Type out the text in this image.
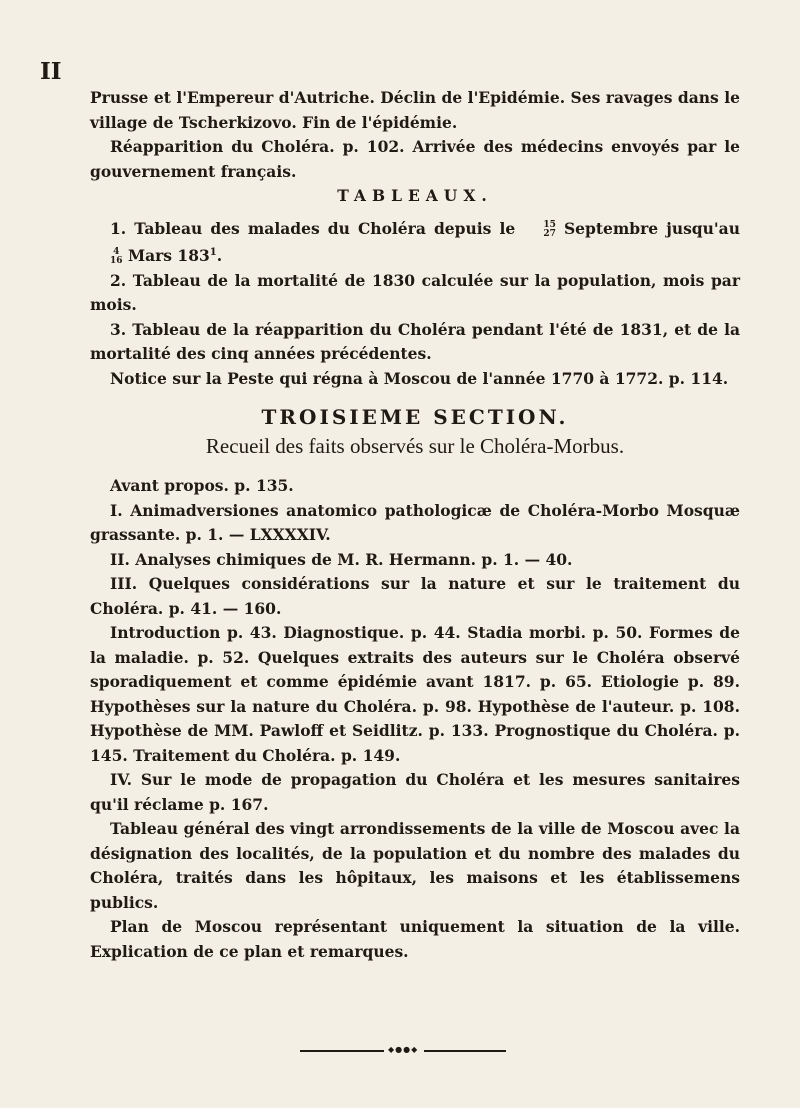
II

Prusse et l'Empereur d'Autriche. Déclin de l'Epidémie. Ses ravages dans le village de Tscherkizovo. Fin de l'épidémie.

Réapparition du Choléra. p. 102. Arrivée des médecins envoyés par le gouvernement français.

TABLEAUX.

1. Tableau des malades du Choléra depuis le	15
27 Septembre jusqu'au
4
16 Mars $183^1$.

2. Tableau de la mortalité de 1830 calculée sur la population, mois par mois.

3. Tableau de la réapparition du Choléra pendant l'été de 1831, et de la mortalité des cinq années précédentes.

Notice sur la Peste qui régna à Moscou de l'année 1770 à 1772. p. 114.

TROISIEME SECTION.

Recueil des faits observés sur le Choléra-Morbus.

Avant propos. p. 135.

I. Animadversiones anatomico pathologicæ de Choléra-Morbo Mosquæ grassante. p. 1. — LXXXXIV.

II. Analyses chimiques de M. R. Hermann. p. 1. — 40.

III. Quelques considérations sur la nature et sur le traitement du Choléra. p. 41. — 160.

Introduction p. 43. Diagnostique. p. 44. Stadia morbi. p. 50. Formes de la maladie. p. 52. Quelques extraits des auteurs sur le Choléra observé sporadiquement et comme épidémie avant 1817. p. 65. Etiologie p. 89. Hypothèses sur la nature du Choléra. p. 98. Hypothèse de l'auteur. p. 108. Hypothèse de MM. Pawloff et Seidlitz. p. 133. Prognostique du Choléra. p. 145. Traitement du Choléra. p. 149.

IV. Sur le mode de propagation du Choléra et les mesures sanitaires qu'il réclame p. 167.

Tableau général des vingt arrondissements de la ville de Moscou avec la désignation des localités, de la population et du nombre des malades du Choléra, traités dans les hôpitaux, les maisons et les établissemens publics.

Plan de Moscou représentant uniquement la situation de la ville. Explication de ce plan et remarques.

◆●●◆
